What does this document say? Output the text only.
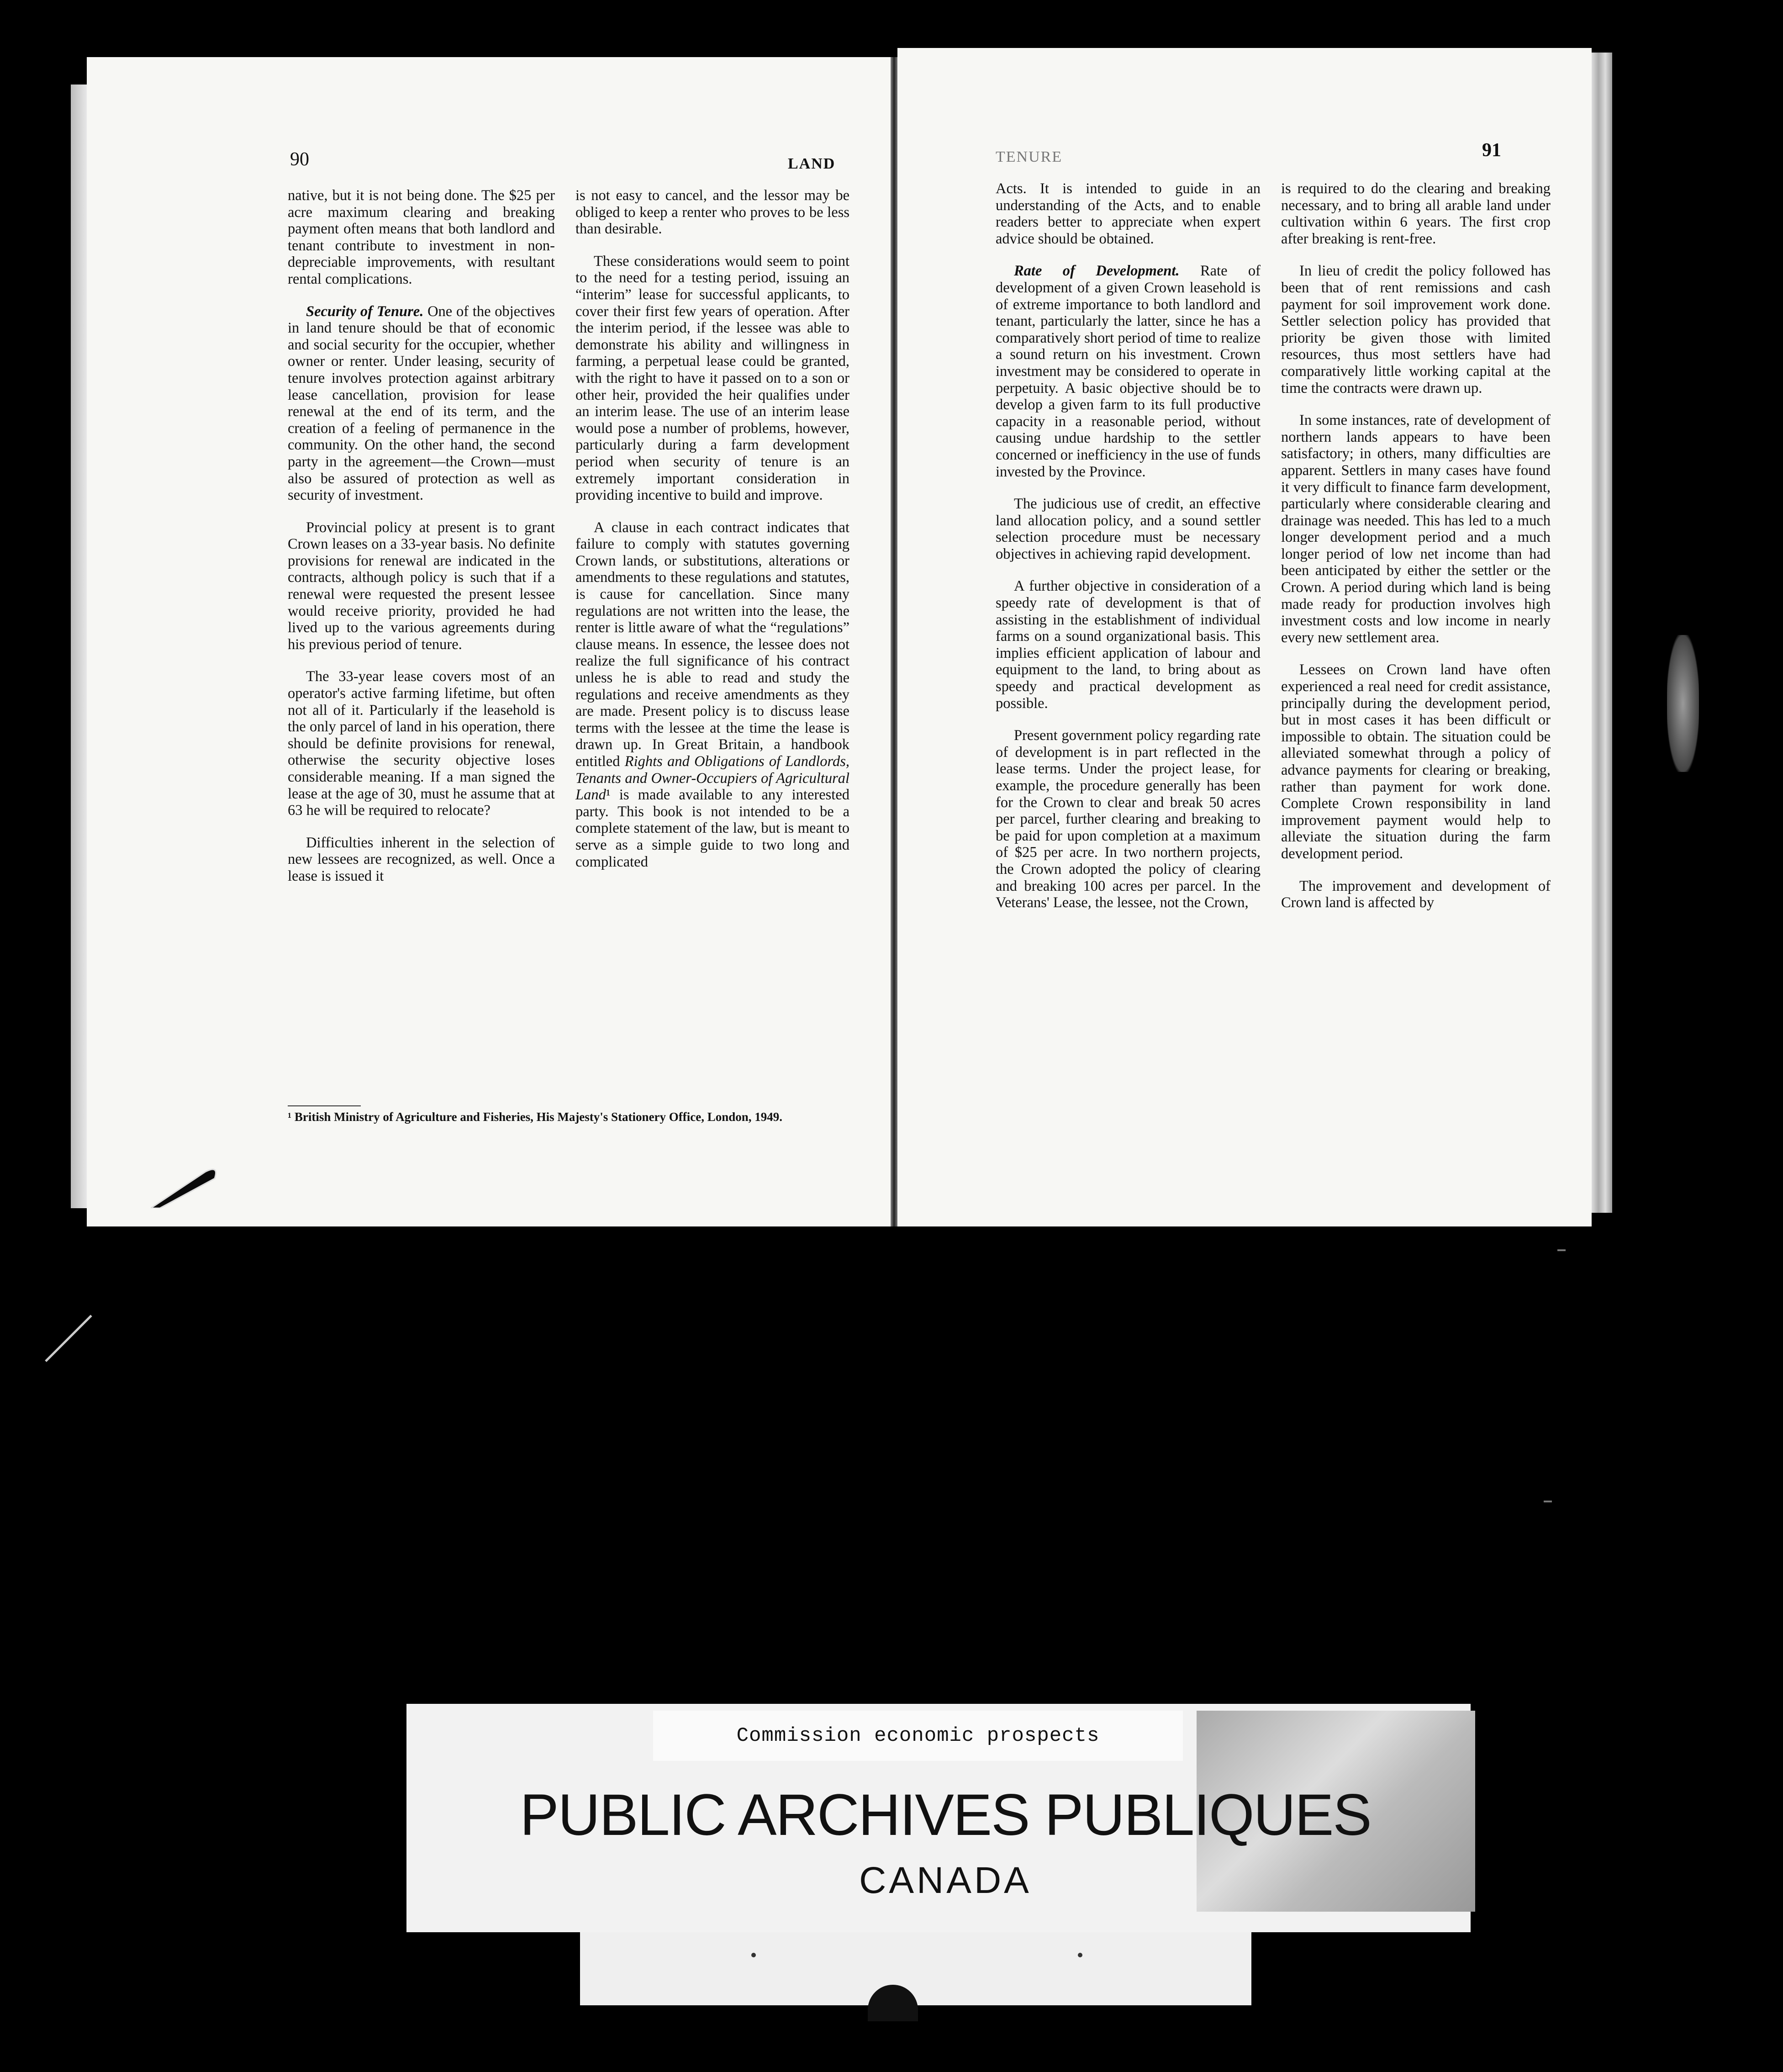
90	LAND

native, but it is not being done. The $25 per acre maximum clearing and breaking payment often means that both landlord and tenant contribute to investment in non-depreciable improvements, with resultant rental complications.

Security of Tenure. One of the objectives in land tenure should be that of economic and social security for the occupier, whether owner or renter. Under leasing, security of tenure involves protection against arbitrary lease cancellation, provision for lease renewal at the end of its term, and the creation of a feeling of permanence in the community. On the other hand, the second party in the agreement—the Crown—must also be assured of protection as well as security of investment.

Provincial policy at present is to grant Crown leases on a 33-year basis. No definite provisions for renewal are indicated in the contracts, although policy is such that if a renewal were requested the present lessee would receive priority, provided he had lived up to the various agreements during his previous period of tenure.

The 33-year lease covers most of an operator's active farming lifetime, but often not all of it. Particularly if the leasehold is the only parcel of land in his operation, there should be definite provisions for renewal, otherwise the security objective loses considerable meaning. If a man signed the lease at the age of 30, must he assume that at 63 he will be required to relocate?

Difficulties inherent in the selection of new lessees are recognized, as well. Once a lease is issued it

is not easy to cancel, and the lessor may be obliged to keep a renter who proves to be less than desirable.

These considerations would seem to point to the need for a testing period, issuing an “interim” lease for successful applicants, to cover their first few years of operation. After the interim period, if the lessee was able to demonstrate his ability and willingness in farming, a perpetual lease could be granted, with the right to have it passed on to a son or other heir, provided the heir qualifies under an interim lease. The use of an interim lease would pose a number of problems, however, particularly during a farm development period when security of tenure is an extremely important consideration in providing incentive to build and improve.

A clause in each contract indicates that failure to comply with statutes governing Crown lands, or substitutions, alterations or amendments to these regulations and statutes, is cause for cancellation. Since many regulations are not written into the lease, the renter is little aware of what the “regulations” clause means. In essence, the lessee does not realize the full significance of his contract unless he is able to read and study the regulations and receive amendments as they are made. Present policy is to discuss lease terms with the lessee at the time the lease is drawn up. In Great Britain, a handbook entitled Rights and Obligations of Landlords, Tenants and Owner-Occupiers of Agricultural Land¹ is made available to any interested party. This book is not intended to be a complete statement of the law, but is meant to serve as a simple guide to two long and complicated

¹ British Ministry of Agriculture and Fisheries, His Majesty's Stationery Office, London, 1949.
TENURE	91

Acts. It is intended to guide in an understanding of the Acts, and to enable readers better to appreciate when expert advice should be obtained.

Rate of Development. Rate of development of a given Crown leasehold is of extreme importance to both landlord and tenant, particularly the latter, since he has a comparatively short period of time to realize a sound return on his investment. Crown investment may be considered to operate in perpetuity. A basic objective should be to develop a given farm to its full productive capacity in a reasonable period, without causing undue hardship to the settler concerned or inefficiency in the use of funds invested by the Province.

The judicious use of credit, an effective land allocation policy, and a sound settler selection procedure must be necessary objectives in achieving rapid development.

A further objective in consideration of a speedy rate of development is that of assisting in the establishment of individual farms on a sound organizational basis. This implies efficient application of labour and equipment to the land, to bring about as speedy and practical development as possible.

Present government policy regarding rate of development is in part reflected in the lease terms. Under the project lease, for example, the procedure generally has been for the Crown to clear and break 50 acres per parcel, further clearing and breaking to be paid for upon completion at a maximum of $25 per acre. In two northern projects, the Crown adopted the policy of clearing and breaking 100 acres per parcel. In the Veterans' Lease, the lessee, not the Crown,

is required to do the clearing and breaking necessary, and to bring all arable land under cultivation within 6 years. The first crop after breaking is rent-free.

In lieu of credit the policy followed has been that of rent remissions and cash payment for soil improvement work done. Settler selection policy has provided that priority be given those with limited resources, thus most settlers have had comparatively little working capital at the time the contracts were drawn up.

In some instances, rate of development of northern lands appears to have been satisfactory; in others, many difficulties are apparent. Settlers in many cases have found it very difficult to finance farm development, particularly where considerable clearing and drainage was needed. This has led to a much longer development period and a much longer period of low net income than had been anticipated by either the settler or the Crown. A period during which land is being made ready for production involves high investment costs and low income in nearly every new settlement area.

Lessees on Crown land have often experienced a real need for credit assistance, principally during the development period, but in most cases it has been difficult or impossible to obtain. The situation could be alleviated somewhat through a policy of advance payments for clearing or breaking, rather than payment for work done. Complete Crown responsibility in land improvement payment would help to alleviate the situation during the farm development period.

The improvement and development of Crown land is affected by

Commission economic prospects
PUBLIC ARCHIVES PUBLIQUES
CANADA
